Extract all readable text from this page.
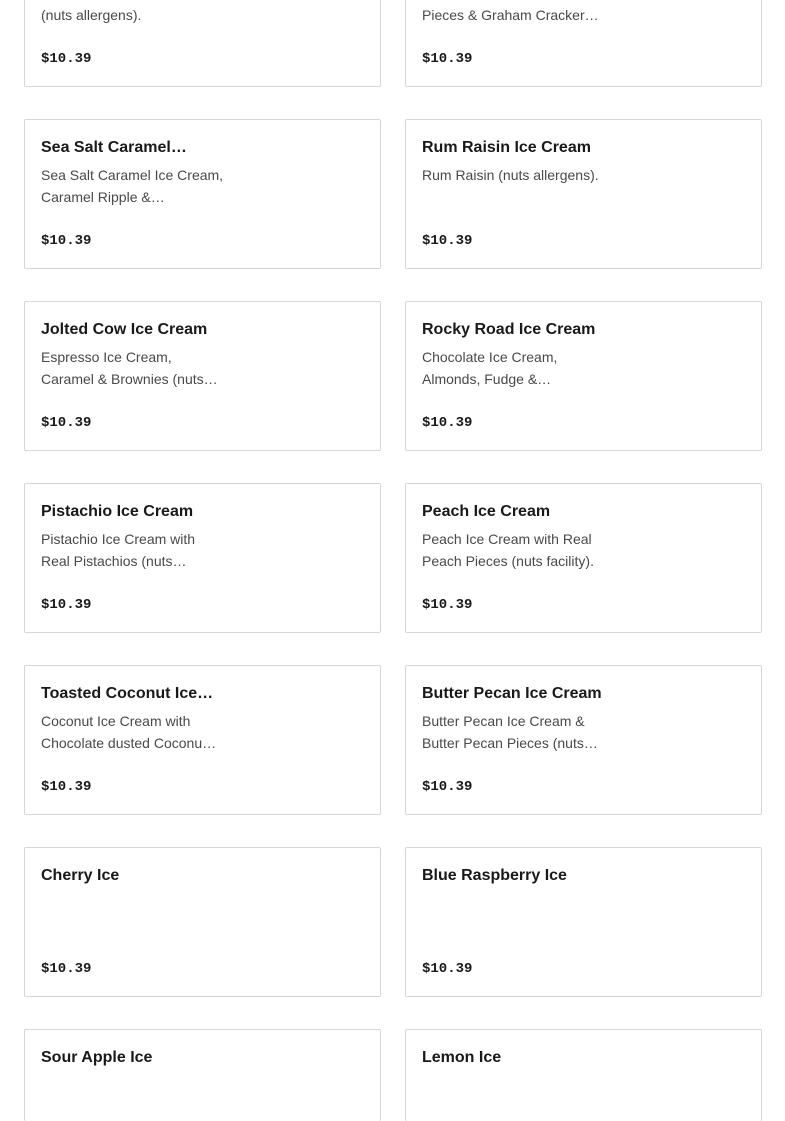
(nuts allergens).
$10.39
Pieces & Graham Cracker…
$10.39
Sea Salt Caramel…
Sea Salt Caramel Ice Cream, Caramel Ripple &…
$10.39
Rum Raisin Ice Cream
Rum Raisin (nuts allergens).
$10.39
Jolted Cow Ice Cream
Espresso Ice Cream, Caramel & Brownies (nuts…
$10.39
Rocky Road Ice Cream
Chocolate Ice Cream, Almonds, Fudge &…
$10.39
Pistachio Ice Cream
Pistachio Ice Cream with Real Pistachios (nuts…
$10.39
Peach Ice Cream
Peach Ice Cream with Real Peach Pieces (nuts facility).
$10.39
Toasted Coconut Ice…
Coconut Ice Cream with Chocolate dusted Coconu…
$10.39
Butter Pecan Ice Cream
Butter Pecan Ice Cream & Butter Pecan Pieces (nuts…
$10.39
Cherry Ice
$10.39
Blue Raspberry Ice
$10.39
Sour Apple Ice	Lemon Ice
